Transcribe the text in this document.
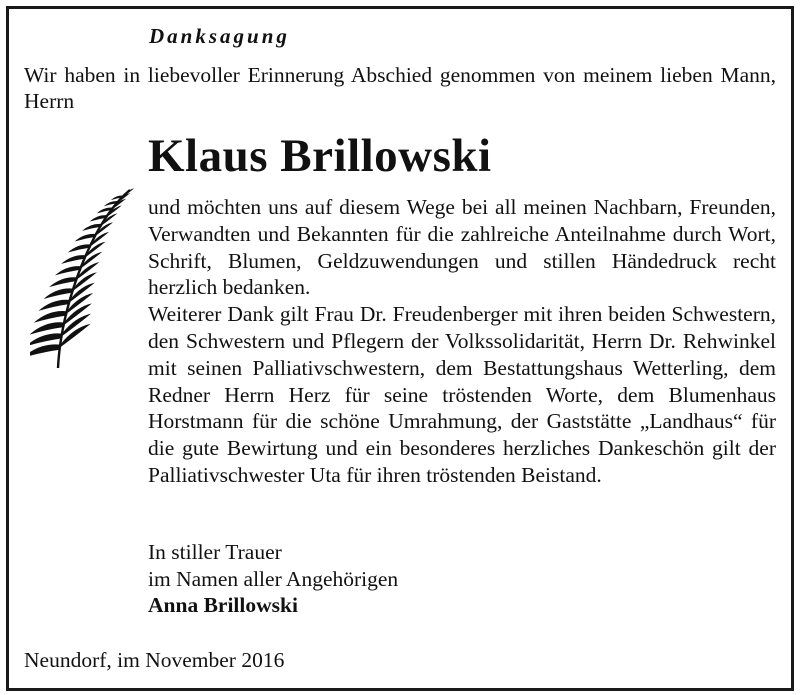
Danksagung
Wir haben in liebevoller Erinnerung Abschied genommen von meinem lieben Mann, Herrn
Klaus Brillowski

und möchten uns auf diesem Wege bei all meinen Nachbarn, Freunden, Verwandten und Bekannten für die zahlreiche Anteilnahme durch Wort, Schrift, Blumen, Geldzuwendungen und stillen Händedruck recht herzlich bedanken.

Weiterer Dank gilt Frau Dr. Freudenberger mit ihren beiden Schwestern, den Schwestern und Pflegern der Volkssolidarität, Herrn Dr. Rehwinkel mit seinen Palliativschwestern, dem Bestattungshaus Wetterling, dem Redner Herrn Herz für seine tröstenden Worte, dem Blumenhaus Horstmann für die schöne Umrahmung, der Gaststätte „Landhaus“ für die gute Bewirtung und ein besonderes herzliches Dankeschön gilt der Palliativschwester Uta für ihren tröstenden Beistand.

In stiller Trauer
im Namen aller Angehörigen
Anna Brillowski
Neundorf, im November 2016
